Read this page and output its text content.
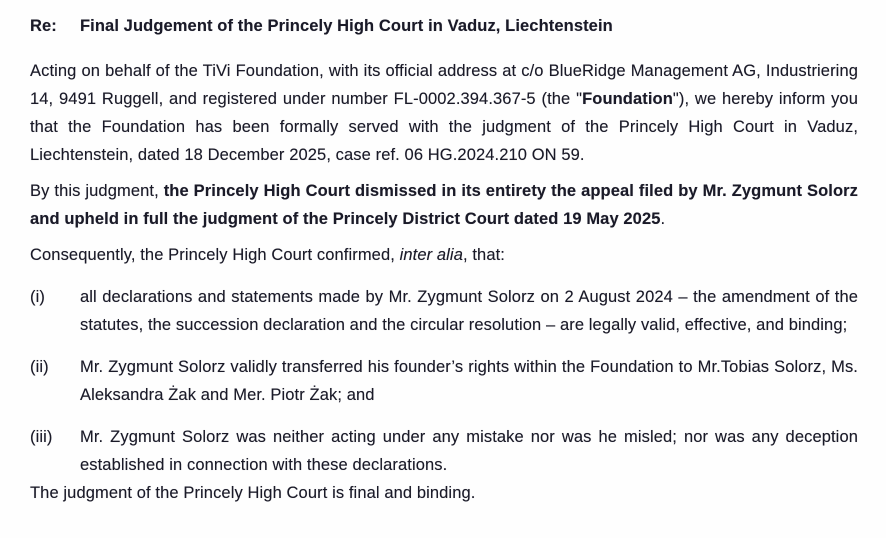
Re:	Final Judgement of the Princely High Court in Vaduz, Liechtenstein

Acting on behalf of the TiVi Foundation, with its official address at c/o BlueRidge Management AG, Industriering 14, 9491 Ruggell, and registered under number FL-0002.394.367-5 (the "Foundation"), we hereby inform you that the Foundation has been formally served with the judgment of the Princely High Court in Vaduz, Liechtenstein, dated 18 December 2025, case ref. 06 HG.2024.210 ON 59.

By this judgment, the Princely High Court dismissed in its entirety the appeal filed by Mr. Zygmunt Solorz and upheld in full the judgment of the Princely District Court dated 19 May 2025.

Consequently, the Princely High Court confirmed, inter alia, that:

(i)	all declarations and statements made by Mr. Zygmunt Solorz on 2 August 2024 – the amendment of the statutes, the succession declaration and the circular resolution – are legally valid, effective, and binding;
(ii)	Mr. Zygmunt Solorz validly transferred his founder’s rights within the Foundation to Mr.Tobias Solorz, Ms. Aleksandra Żak and Mer. Piotr Żak; and
(iii)	Mr. Zygmunt Solorz was neither acting under any mistake nor was he misled; nor was any deception established in connection with these declarations.

The judgment of the Princely High Court is final and binding.
